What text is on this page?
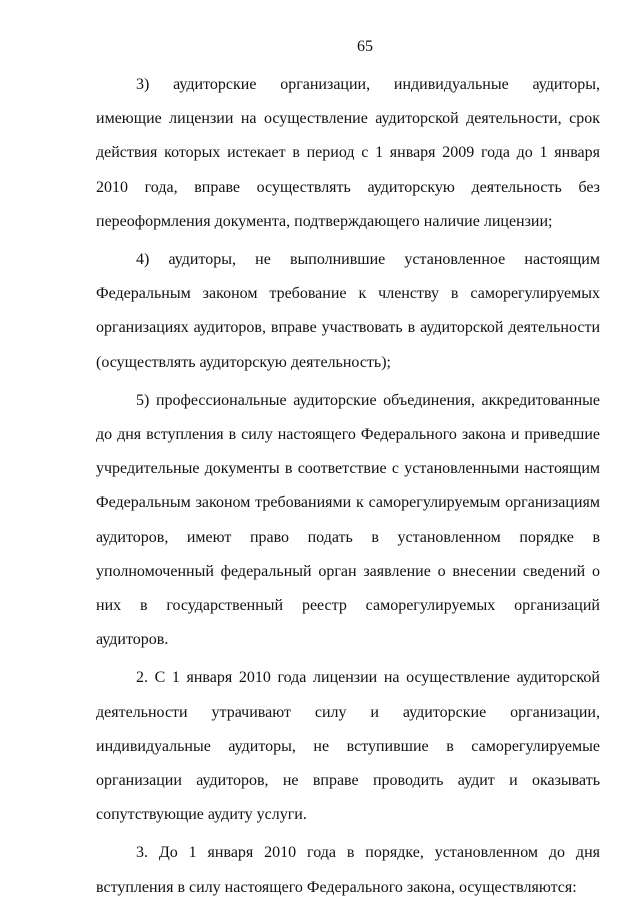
65

3) аудиторские организации, индивидуальные аудиторы,
имеющие лицензии на осуществление аудиторской деятельности, срок действия которых истекает в период с 1 января 2009 года до 1 января 2010 года, вправе осуществлять аудиторскую деятельность без переоформления документа, подтверждающего наличие лицензии;

4) аудиторы, не выполнившие установленное настоящим Федеральным законом требование к членству в саморегулируемых организациях аудиторов, вправе участвовать в аудиторской деятельности (осуществлять аудиторскую деятельность);

5) профессиональные аудиторские объединения, аккредитованные до дня вступления в силу настоящего Федерального закона и приведшие учредительные документы в соответствие с установленными настоящим Федеральным законом требованиями к саморегулируемым организациям аудиторов, имеют право подать в установленном порядке в уполномоченный федеральный орган заявление о внесении сведений о них в государственный реестр саморегулируемых организаций аудиторов.

2. С 1 января 2010 года лицензии на осуществление аудиторской деятельности утрачивают силу и аудиторские организации, индивидуальные аудиторы, не вступившие в саморегулируемые организации аудиторов, не вправе проводить аудит и оказывать сопутствующие аудиту услуги.

3. До 1 января 2010 года в порядке, установленном до дня вступления в силу настоящего Федерального закона, осуществляются:
